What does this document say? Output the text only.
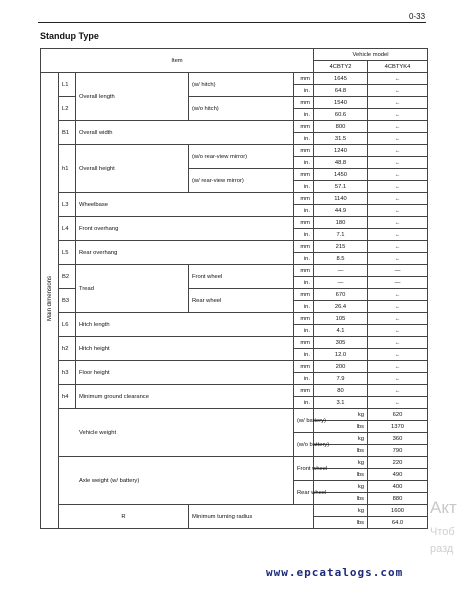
0-33
Standup Type
Item					Vehicle model		
					4CBTY2	4CBTYK4	
Main dimensions	L1	Overall length	(w/ hitch)	mm	1645	←	
				in.	64.8	←	
	L2		(w/o hitch)	mm	1540	←	
				in.	60.6	←	
	B1	Overall width		mm	800	←	
				in.	31.5	←	
	h1	Overall height	(w/o rear-view mirror)	mm	1240	←	
				in.	48.8	←	
			(w/ rear-view mirror)	mm	1450	←	
				in.	57.1	←	
	L3	Wheelbase		mm	1140	←	
				in.	44.9	←	
	L4	Front overhang		mm	180	←	
				in.	7.1	←	
	L5	Rear overhang		mm	215	←	
				in.	8.5	←	
	B2	Tread	Front wheel	mm	—	—	
				in.	—	—	
	B3		Rear wheel	mm	670	←	
				in.	26.4	←	
	L6	Hitch length		mm	105	←	
				in.	4.1	←	
	h2	Hitch height		mm	305	←	
				in.	12.0	←	
	h3	Floor height		mm	200	←	
				in.	7.9	←	
	h4	Minimum ground clearance		mm	80	←	
				in.	3.1	←	
	Vehicle weight			(w/ battery)	kg	620	
					lbs	1370	
				(w/o battery)	kg	360	
					lbs	790	
	Axle weight (w/ battery)			Front wheel	kg	220	
					lbs	490	
				Rear wheel	kg	400	
					lbs	880	
	R		Minimum turning radius		kg	1600	
					lbs	64.0	
Акт
Чтоб
разд
www.epcatalogs.com
